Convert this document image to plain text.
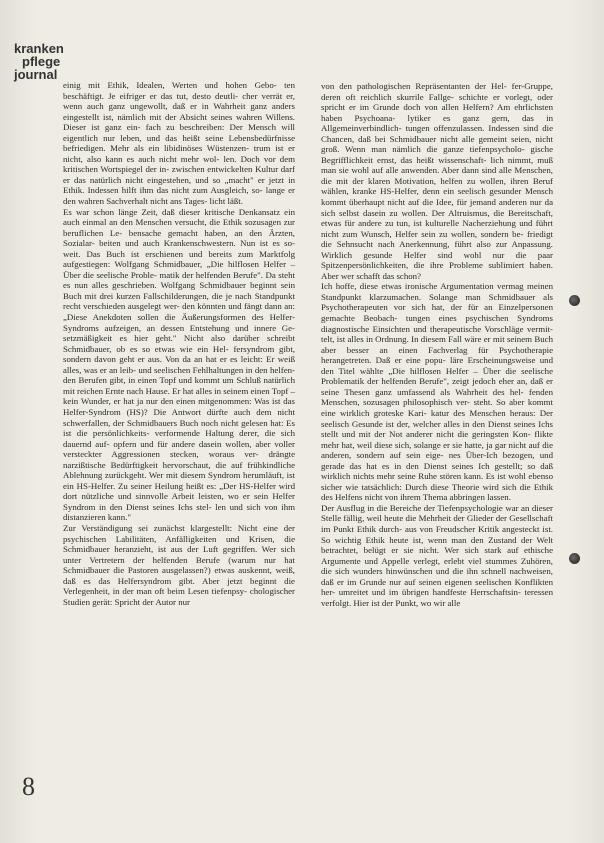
kranken
pflege
journal

einig mit Ethik, Idealen, Werten und hohen Gebo- ten beschäftigt. Je eifriger er das tut, desto deutli- cher verrät er, wenn auch ganz ungewollt, daß er in Wahrheit ganz anders eingestellt ist, nämlich mit der Absicht seines wahren Willens. Dieser ist ganz ein- fach zu beschreiben: Der Mensch will eigentlich nur leben, und das heißt seine Lebensbedürfnisse befriedigen. Mehr als ein libidinöses Wüstenzen- trum ist er nicht, also kann es auch nicht mehr wol- len. Doch vor dem kritischen Wortspiegel der in- zwischen entwickelten Kultur darf er das natürlich nicht eingestehen, und so „macht" er jetzt in Ethik. Indessen hilft ihm das nicht zum Ausgleich, so- lange er den wahren Sachverhalt nicht ans Tages- licht läßt.

Es war schon länge Zeit, daß dieser kritische Denkansatz ein auch einmal an den Menschen versucht, die Ethik sozusagen zur beruflichen Le- bensache gemacht haben, an den Ärzten, Sozialar- beiten und auch Krankenschwestern. Nun ist es so- weit. Das Buch ist erschienen und bereits zum Marktfolg aufgestiegen: Wolfgang Schmidbauer, „Die hilflosen Helfer – Über die seelische Proble- matik der helfenden Berufe". Da steht es nun alles geschrieben. Wolfgang Schmidbauer beginnt sein Buch mit drei kurzen Fallschilderungen, die je nach Standpunkt recht verschieden ausgelegt wer- den könnten und fängt dann an: „Diese Anekdoten sollen die Äußerungsformen des Helfer-Syndroms aufzeigen, an dessen Entstehung und innere Ge- setzmäßigkeit es hier geht." Nicht also darüber schreibt Schmidbauer, ob es so etwas wie ein Hel- fersyndrom gibt, sondern davon geht er aus. Von da an hat er es leicht: Er weiß alles, was er an leib- und seelischen Fehlhaltungen in den helfen- den Berufen gibt, in einen Topf und kommt um Schluß natürlich mit reichen Ernte nach Hause. Er hat alles in seinem einen Topf – kein Wunder, er hat ja nur den einen mitgenommen: Was ist das Helfer-Syndrom (HS)? Die Antwort dürfte auch dem nicht schwerfallen, der Schmidbauers Buch noch nicht gelesen hat: Es ist die persönlichkeits- verformende Haltung derer, die sich dauernd auf- opfern und für andere dasein wollen, aber voller versteckter Aggressionen stecken, woraus ver- drängte narzißtische Bedürftigkeit hervorschaut, die auf frühkindliche Ablehnung zurückgeht. Wer mit diesem Syndrom herumläuft, ist ein HS-Helfer. Zu seiner Heilung heißt es: „Der HS-Helfer wird dort nützliche und sinnvolle Arbeit leisten, wo er sein Helfer Syndrom in den Dienst seines Ichs stel- len und sich von ihm distanzieren kann."

Zur Verständigung sei zunächst klargestellt: Nicht eine der psychischen Labilitäten, Anfälligkeiten und Krisen, die Schmidbauer heranzieht, ist aus der Luft gegriffen. Wer sich unter Vertretern der helfenden Berufe (warum nur hat Schmidbauer die Pastoren ausgelassen?) etwas auskennt, weiß, daß es das Helfersyndrom gibt. Aber jetzt beginnt die Verlegenheit, in der man oft beim Lesen tiefenpsy- chologischer Studien gerät: Spricht der Autor nur

von den pathologischen Repräsentanten der Hel- fer-Gruppe, deren oft reichlich skurrile Fallge- schichte er vorlegt, oder spricht er im Grunde doch von allen Helfern? Am ehrlichsten haben Psychoana- lytiker es ganz gern, das in Allgemeinverbindlich- tungen offenzulassen. Indessen sind die Chancen, daß bei Schmidbauer nicht alle gemeint seien, nicht groß. Wenn man nämlich die ganze tiefenpsycholo- gische Begrifflichkeit ernst, das heißt wissenschaft- lich nimmt, muß man sie wohl auf alle anwenden. Aber dann sind alle Menschen, die mit der klaren Motivation, helfen zu wollen, ihren Beruf wählen, kranke HS-Helfer, denn ein seelisch gesunder Mensch kommt überhaupt nicht auf die Idee, für jemand anderen nur da sich selbst dasein zu wollen. Der Altruismus, die Bereitschaft, etwas für andere zu tun, ist kulturelle Nacherziehung und führt nicht zum Wunsch, Helfer sein zu wollen, sondern be- friedigt die Sehnsucht nach Anerkennung, führt also zur Anpassung. Wirklich gesunde Helfer sind wohl nur die paar Spitzenpersönlichkeiten, die ihre Probleme sublimiert haben. Aber wer schafft das schon?

Ich hoffe, diese etwas ironische Argumentation vermag meinen Standpunkt klarzumachen. Solange man Schmidbauer als Psychotherapeuten vor sich hat, der für an Einzelpersonen gemachte Beobach- tungen eines psychischen Syndroms diagnostische Einsichten und therapeutische Vorschläge vermit- telt, ist alles in Ordnung. In diesem Fall wäre er mit seinem Buch aber besser an einen Fachverlag für Psychotherapie herangetreten. Daß er eine popu- läre Erscheinungsweise und den Titel wählte „Die hilflosen Helfer – Über die seelische Problematik der helfenden Berufe", zeigt jedoch eher an, daß er seine Thesen ganz umfassend als Wahrheit des hel- fenden Menschen, sozusagen philosophisch ver- steht. So aber kommt eine wirklich groteske Kari- katur des Menschen heraus: Der seelisch Gesunde ist der, welcher alles in den Dienst seines Ichs stellt und mit der Not anderer nicht die geringsten Kon- flikte mehr hat, weil diese sich, solange er sie hatte, ja gar nicht auf die anderen, sondern auf sein eige- nes Über-Ich bezogen, und gerade das hat es in den Dienst seines Ich gestellt; so daß wirklich nichts mehr seine Ruhe stören kann. Es ist wohl ebenso sicher wie tatsächlich: Durch diese Theorie wird sich die Ethik des Helfens nicht von ihrem Thema abbringen lassen.

Der Ausflug in die Bereiche der Tiefenpsychologie war an dieser Stelle fällig, weil heute die Mehrheit der Glieder der Gesellschaft im Punkt Ethik durch- aus von Freudscher Kritik angesteckt ist. So wichtig Ethik heute ist, wenn man den Zustand der Welt betrachtet, belügt er sie nicht. Wer sich stark auf ethische Argumente und Appelle verlegt, erlebt viel stummes Zuhören, die sich wunders hinwünschen und die ihn schnell nachweisen, daß er im Grunde nur auf seinen eigenen seelischen Konflikten her- umreitet und im übrigen handfeste Herrschaftsin- teressen verfolgt. Hier ist der Punkt, wo wir alle

8
